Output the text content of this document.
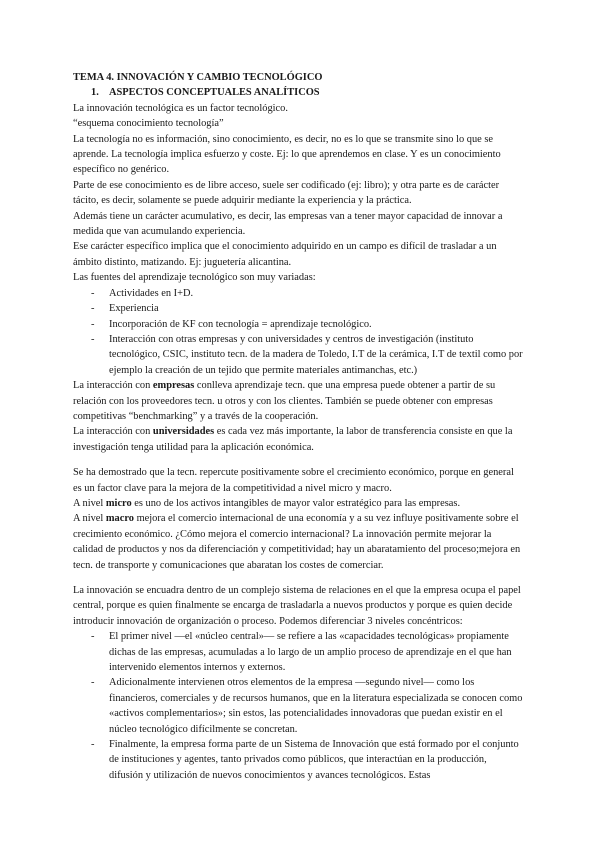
TEMA 4. INNOVACIÓN Y CAMBIO TECNOLÓGICO

1. ASPECTOS CONCEPTUALES ANALÍTICOS

La innovación tecnológica es un factor tecnológico.

“esquema conocimiento tecnología”

La tecnología no es información, sino conocimiento, es decir, no es lo que se transmite sino lo que se aprende. La tecnología implica esfuerzo y coste. Ej: lo que aprendemos en clase. Y es un conocimiento específico no genérico.

Parte de ese conocimiento es de libre acceso, suele ser codificado (ej: libro); y otra parte es de carácter tácito, es decir, solamente se puede adquirir mediante la experiencia y la práctica.

Además tiene un carácter acumulativo, es decir, las empresas van a tener mayor capacidad de innovar a medida que van acumulando experiencia.

Ese carácter específico implica que el conocimiento adquirido en un campo es difícil de trasladar a un ámbito distinto, matizando. Ej: juguetería alicantina.

Las fuentes del aprendizaje tecnológico son muy variadas:

- Actividades en I+D.
- Experiencia
- Incorporación de KF con tecnología = aprendizaje tecnológico.
- Interacción con otras empresas y con universidades y centros de investigación (instituto tecnológico, CSIC, instituto tecn. de la madera de Toledo, I.T de la cerámica, I.T de textil como por ejemplo la creación de un tejido que permite materiales antimanchas, etc.)

La interacción con empresas conlleva aprendizaje tecn. que una empresa puede obtener a partir de su relación con los proveedores tecn. u otros y con los clientes. También se puede obtener con empresas competitivas “benchmarking” y a través de la cooperación.

La interacción con universidades es cada vez más importante, la labor de transferencia consiste en que la investigación tenga utilidad para la aplicación económica.

Se ha demostrado que la tecn. repercute positivamente sobre el crecimiento económico, porque en general es un factor clave para la mejora de la competitividad a nivel micro y macro.

A nivel micro es uno de los activos intangibles de mayor valor estratégico para las empresas.

A nivel macro mejora el comercio internacional de una economía y a su vez influye positivamente sobre el crecimiento económico. ¿Cómo mejora el comercio internacional? La innovación permite mejorar la calidad de productos y nos da diferenciación y competitividad; hay un abaratamiento del proceso;mejora en tecn. de transporte y comunicaciones que abaratan los costes de comerciar.

La innovación se encuadra dentro de un complejo sistema de relaciones en el que la empresa ocupa el papel central, porque es quien finalmente se encarga de trasladarla a nuevos productos y porque es quien decide introducir innovación de organización o proceso. Podemos diferenciar 3 niveles concéntricos:

- El primer nivel —el «núcleo central»— se refiere a las «capacidades tecnológicas» propiamente dichas de las empresas, acumuladas a lo largo de un amplio proceso de aprendizaje en el que han intervenido elementos internos y externos.
- Adicionalmente intervienen otros elementos de la empresa —segundo nivel— como los financieros, comerciales y de recursos humanos, que en la literatura especializada se conocen como «activos complementarios»; sin estos, las potencialidades innovadoras que puedan existir en el núcleo tecnológico difícilmente se concretan.
- Finalmente, la empresa forma parte de un Sistema de Innovación que está formado por el conjunto de instituciones y agentes, tanto privados como públicos, que interactúan en la producción, difusión y utilización de nuevos conocimientos y avances tecnológicos. Estas
